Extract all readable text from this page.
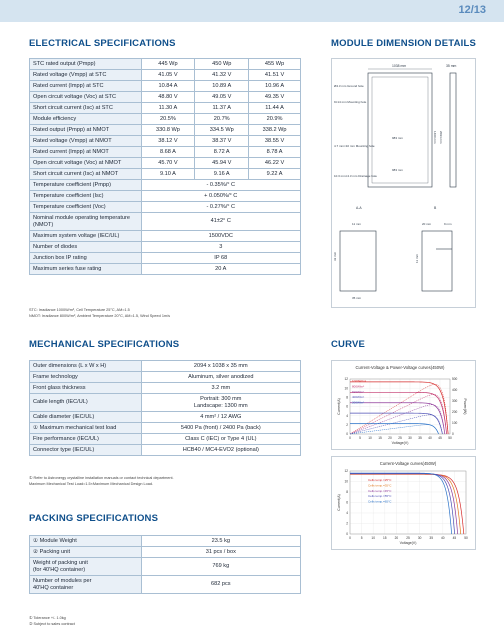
12/13
ELECTRICAL SPECIFICATIONS
STC rated output (Pmpp)	445 Wp	450 Wp	455 Wp
Rated voltage (Vmpp) at STC	41.05 V	41.32 V	41.51 V
Rated current (Impp) at STC	10.84 A	10.89 A	10.96 A
Open circuit voltage (Voc) at STC	48.80 V	49.05 V	49.35 V
Short circuit current (Isc) at STC	11.30 A	11.37 A	11.44 A
Module efficiency	20.5%	20.7%	20.9%
Rated output (Pmpp) at NMOT	330.8 Wp	334.5 Wp	338.2 Wp
Rated voltage (Vmpp) at NMOT	38.12 V	38.37 V	38.55 V
Rated current (Impp) at NMOT	8.68 A	8.72 A	8.78 A
Open circuit voltage (Voc) at NMOT	45.70 V	45.94 V	46.22 V
Short circuit current (Isc) at NMOT	9.10 A	9.16 A	9.22 A
Temperature coefficient (Pmpp)	- 0.35%/° C		
Temperature coefficient (Isc)	+ 0.050%/° C		
Temperature coefficient (Voc)	- 0.27%/° C		
Nominal module operating temperature (NMOT)	41±2° C		
Maximum system voltage (IEC/UL)	1500VDC		
Number of diodes	3		
Junction box IP rating	IP 68		
Maximum series fuse rating	20 A		
STC: Irradiance 1000W/m², Cell Temperature 25°C, AM=1.5
NMOT: Irradiance 800W/m², Ambient Temperature 20°C, AM=1.5, Wind Speed 1m/s
MODULE DIMENSION DETAILS
1038 mm	35 mm
Ø4.3 mm Ground hole
9×14 mm Mounting hole
4.7 mm×10 mm Mounting hole
10.3 mm×4.3 mm Drainage hole
2094 mm
1400 mm
983 mm
983 mm
A-A	B
11 mm
32 mm
35 mm
20 mm	9 mm
11 mm
MECHANICAL SPECIFICATIONS
Outer dimensions (L x W x H)	2094 x 1038 x 35 mm
Frame technology	Aluminum, silver anodized
Front glass thickness	3.2 mm
Cable length (IEC/UL)	Portrait: 300 mm
Landscape: 1300 mm
Cable diameter (IEC/UL)	4 mm² / 12 AWG
① Maximum mechanical test load	5400 Pa (front) / 2400 Pa (back)
Fire performance (IEC/UL)	Class C (IEC) or Type 4 (UL)
Connector type (IEC/UL)	HCB40 / MC4-EVO2 (optional)
① Refer to Astronergy crystalline installation manuals or contact technical department.
Maximum Mechanical Test Load=1.5×Maximum Mechanical Design Load.
CURVE
Current-Voltage & Power-Voltage curves(450W)
0
2
4
6
8
10
12
0	5 10 15 20 25 30 35 40 45 50
Voltage(V)
Current(A)
0
100
200
300
400
500
Power(W)
1000W/m²
800W/m²
600W/m²
400W/m²
200W/m²
Current-Voltage curves(450W)
0
2
4
6
8
10
12
0	5	10	15	20	25	30	35	40	45	50
Voltage(V)
Current(A)
Cells temp.=25°C
Cells temp.=35°C
Cells temp.=45°C
Cells temp.=55°C
Cells temp.=65°C
PACKING SPECIFICATIONS
① Module Weight	23.5 kg
② Packing unit	31 pcs / box
Weight of packing unit
(for 40'HQ container)	769 kg
Number of modules per
40'HQ container	682 pcs
① Tolerance +/- 1.0kg
② Subject to sales contract
